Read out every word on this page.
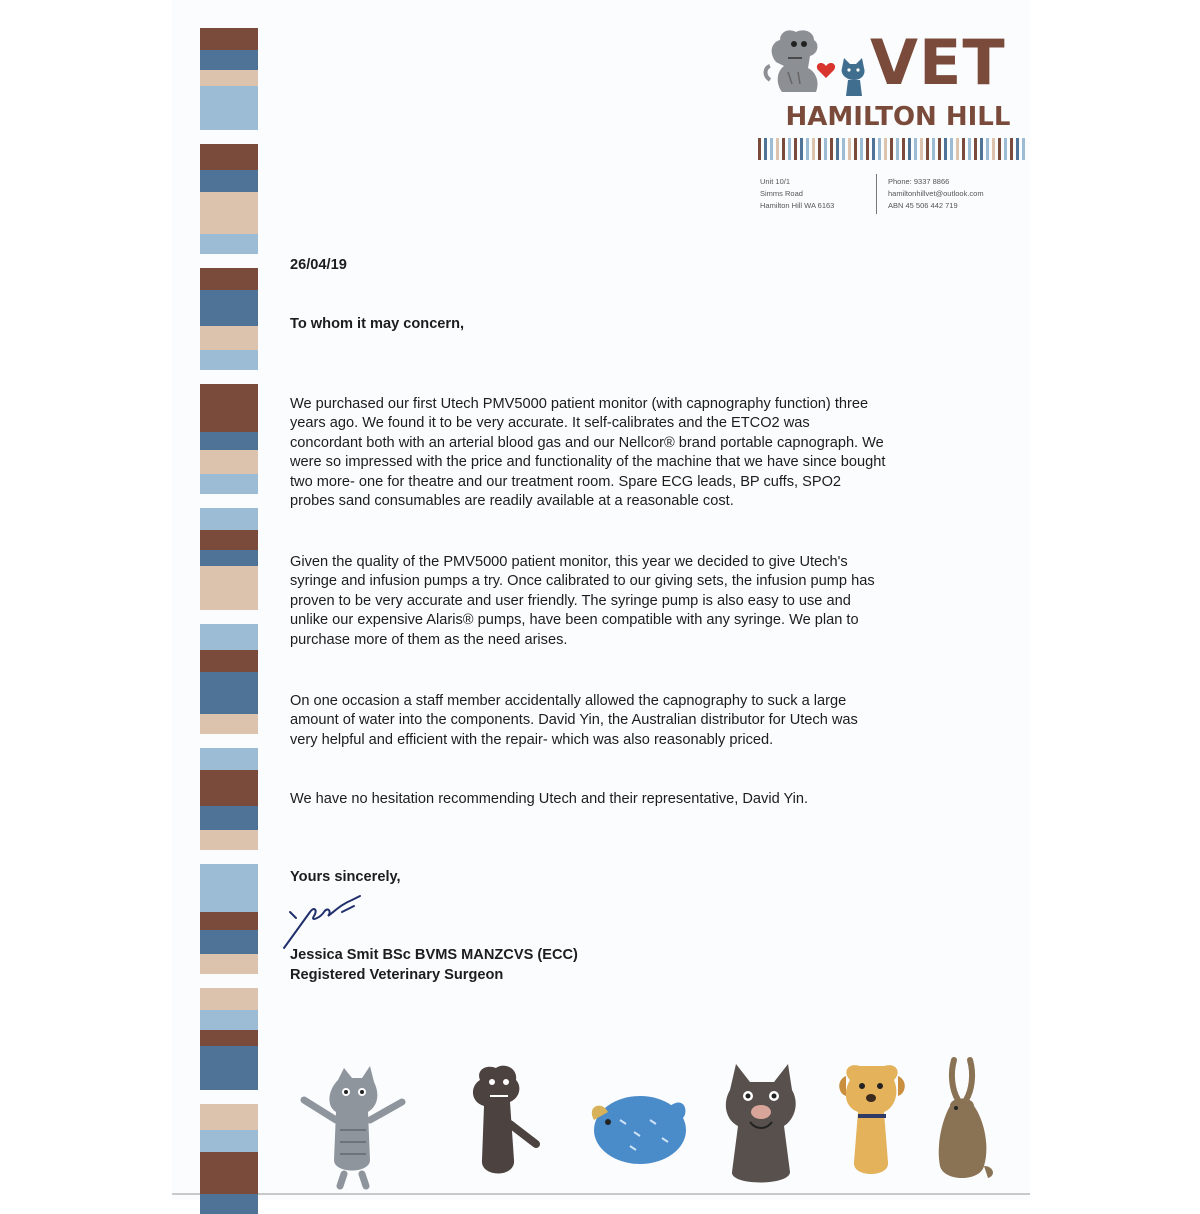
VET
HAMILTON HILL
Unit 10/1
Simms Road
Hamilton Hill WA 6163
Phone: 9337 8866
hamiltonhillvet@outlook.com
ABN 45 506 442 719
26/04/19
To whom it may concern,
We purchased our first Utech PMV5000 patient monitor (with capnography function) three
years ago. We found it to be very accurate. It self-calibrates and the ETCO2 was
concordant both with an arterial blood gas and our Nellcor® brand portable capnograph. We
were so impressed with the price and functionality of the machine that we have since bought
two more- one for theatre and our treatment room. Spare ECG leads, BP cuffs, SPO2
probes sand consumables are readily available at a reasonable cost.
Given the quality of the PMV5000 patient monitor, this year we decided to give Utech's
syringe and infusion pumps a try. Once calibrated to our giving sets, the infusion pump has
proven to be very accurate and user friendly. The syringe pump is also easy to use and
unlike our expensive Alaris® pumps, have been compatible with any syringe. We plan to
purchase more of them as the need arises.
On one occasion a staff member accidentally allowed the capnography to suck a large
amount of water into the components. David Yin, the Australian distributor for Utech was
very helpful and efficient with the repair- which was also reasonably priced.
We have no hesitation recommending Utech and their representative, David Yin.
Yours sincerely,
Jessica Smit BSc BVMS MANZCVS (ECC)
Registered Veterinary Surgeon
